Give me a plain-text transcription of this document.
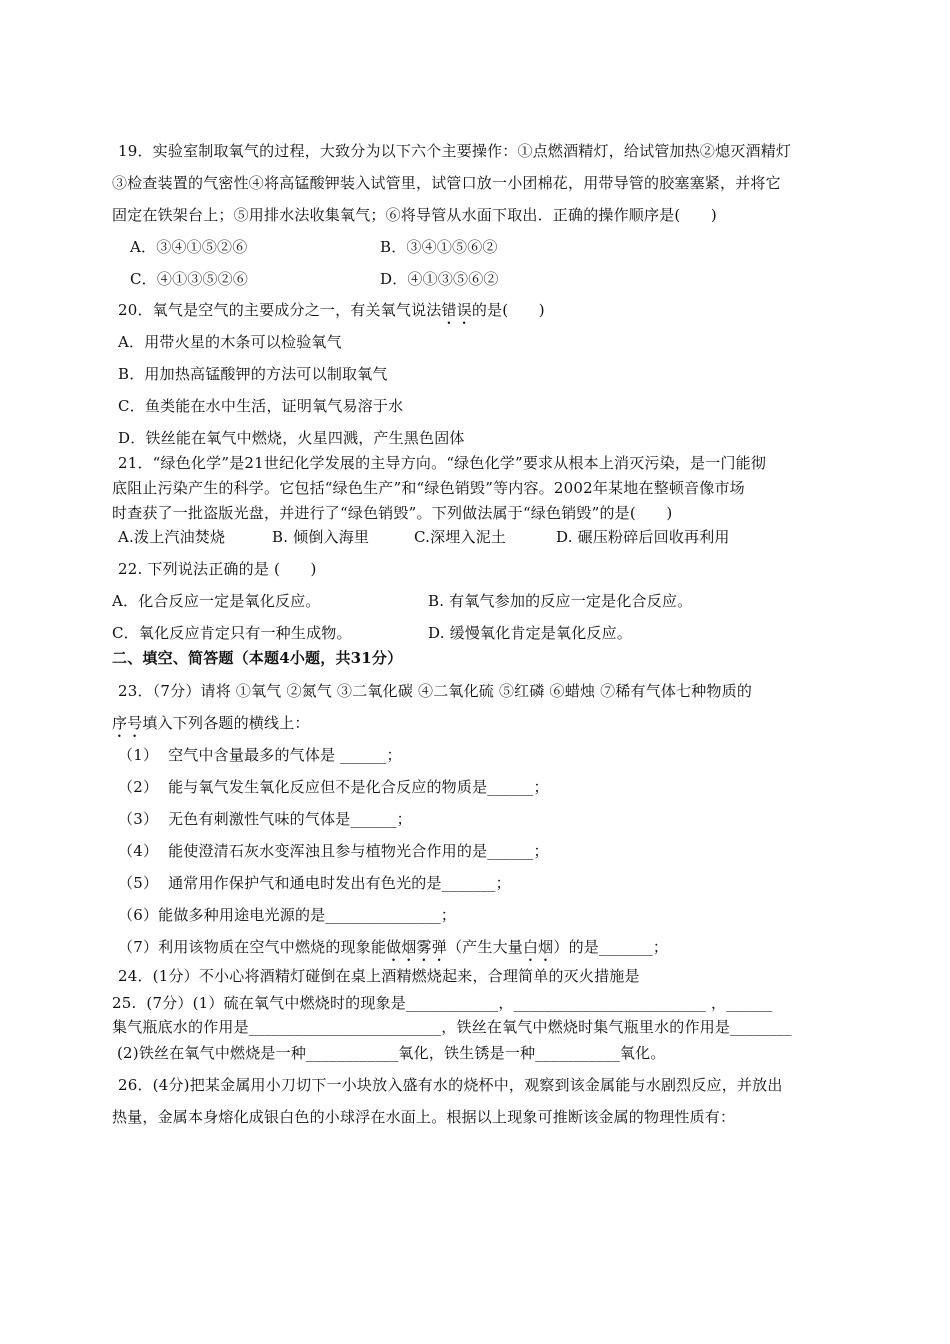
19．实验室制取氧气的过程，大致分为以下六个主要操作：①点燃酒精灯，给试管加热②熄灭酒精灯
③检查装置的气密性④将高锰酸钾装入试管里，试管口放一小团棉花，用带导管的胶塞塞紧，并将它
固定在铁架台上；⑤用排水法收集氧气；⑥将导管从水面下取出．正确的操作顺序是(　　)
A．③④①⑤②⑥	B．③④①⑤⑥②
C．④①③⑤②⑥	D．④①③⑤⑥②
20．氧气是空气的主要成分之一，有关氧气说法错误的是(　　)
A．用带火星的木条可以检验氧气
B．用加热高锰酸钾的方法可以制取氧气
C．鱼类能在水中生活，证明氧气易溶于水
D．铁丝能在氧气中燃烧，火星四溅，产生黑色固体
21．“绿色化学”是21世纪化学发展的主导方向。“绿色化学”要求从根本上消灭污染，是一门能彻
底阻止污染产生的科学。它包括“绿色生产”和“绿色销毁”等内容。2002年某地在整顿音像市场
时查获了一批盗版光盘，并进行了“绿色销毁”。下列做法属于“绿色销毁”的是(　　)
A.泼上汽油焚烧	B. 倾倒入海里	C.深埋入泥土	D. 碾压粉碎后回收再利用
22. 下列说法正确的是 (　　)
A．化合反应一定是氧化反应。	B. 有氧气参加的反应一定是化合反应。
C．氧化反应肯定只有一种生成物。	D. 缓慢氧化肯定是氧化反应。
二、填空、简答题（本题4小题，共31分）
23．（7分）请将 ①氧气 ②氮气 ③二氧化碳 ④二氧化硫 ⑤红磷 ⑥蜡烛 ⑦稀有气体七种物质的
序号填入下列各题的横线上：
（1）  空气中含量最多的气体是 ______；
（2）  能与氧气发生氧化反应但不是化合反应的物质是______；
（3）  无色有刺激性气味的气体是______；
（4）  能使澄清石灰水变浑浊且参与植物光合作用的是______；
（5）  通常用作保护气和通电时发出有色光的是_______；
（6）能做多种用途电光源的是_______________；
（7）利用该物质在空气中燃烧的现象能做烟雾弹（产生大量白烟）的是_______；
24．(1分）不小心将酒精灯碰倒在桌上酒精燃烧起来，合理简单的灭火措施是
25.  (7分）(1）硫在氧气中燃烧时的现象是____________，_________________________ ，______
集气瓶底水的作用是_________________________，铁丝在氧气中燃烧时集气瓶里水的作用是________
(2)铁丝在氧气中燃烧是一种____________氧化，铁生锈是一种___________氧化。
26．(4分)把某金属用小刀切下一小块放入盛有水的烧杯中，观察到该金属能与水剧烈反应，并放出
热量，金属本身熔化成银白色的小球浮在水面上。根据以上现象可推断该金属的物理性质有：
